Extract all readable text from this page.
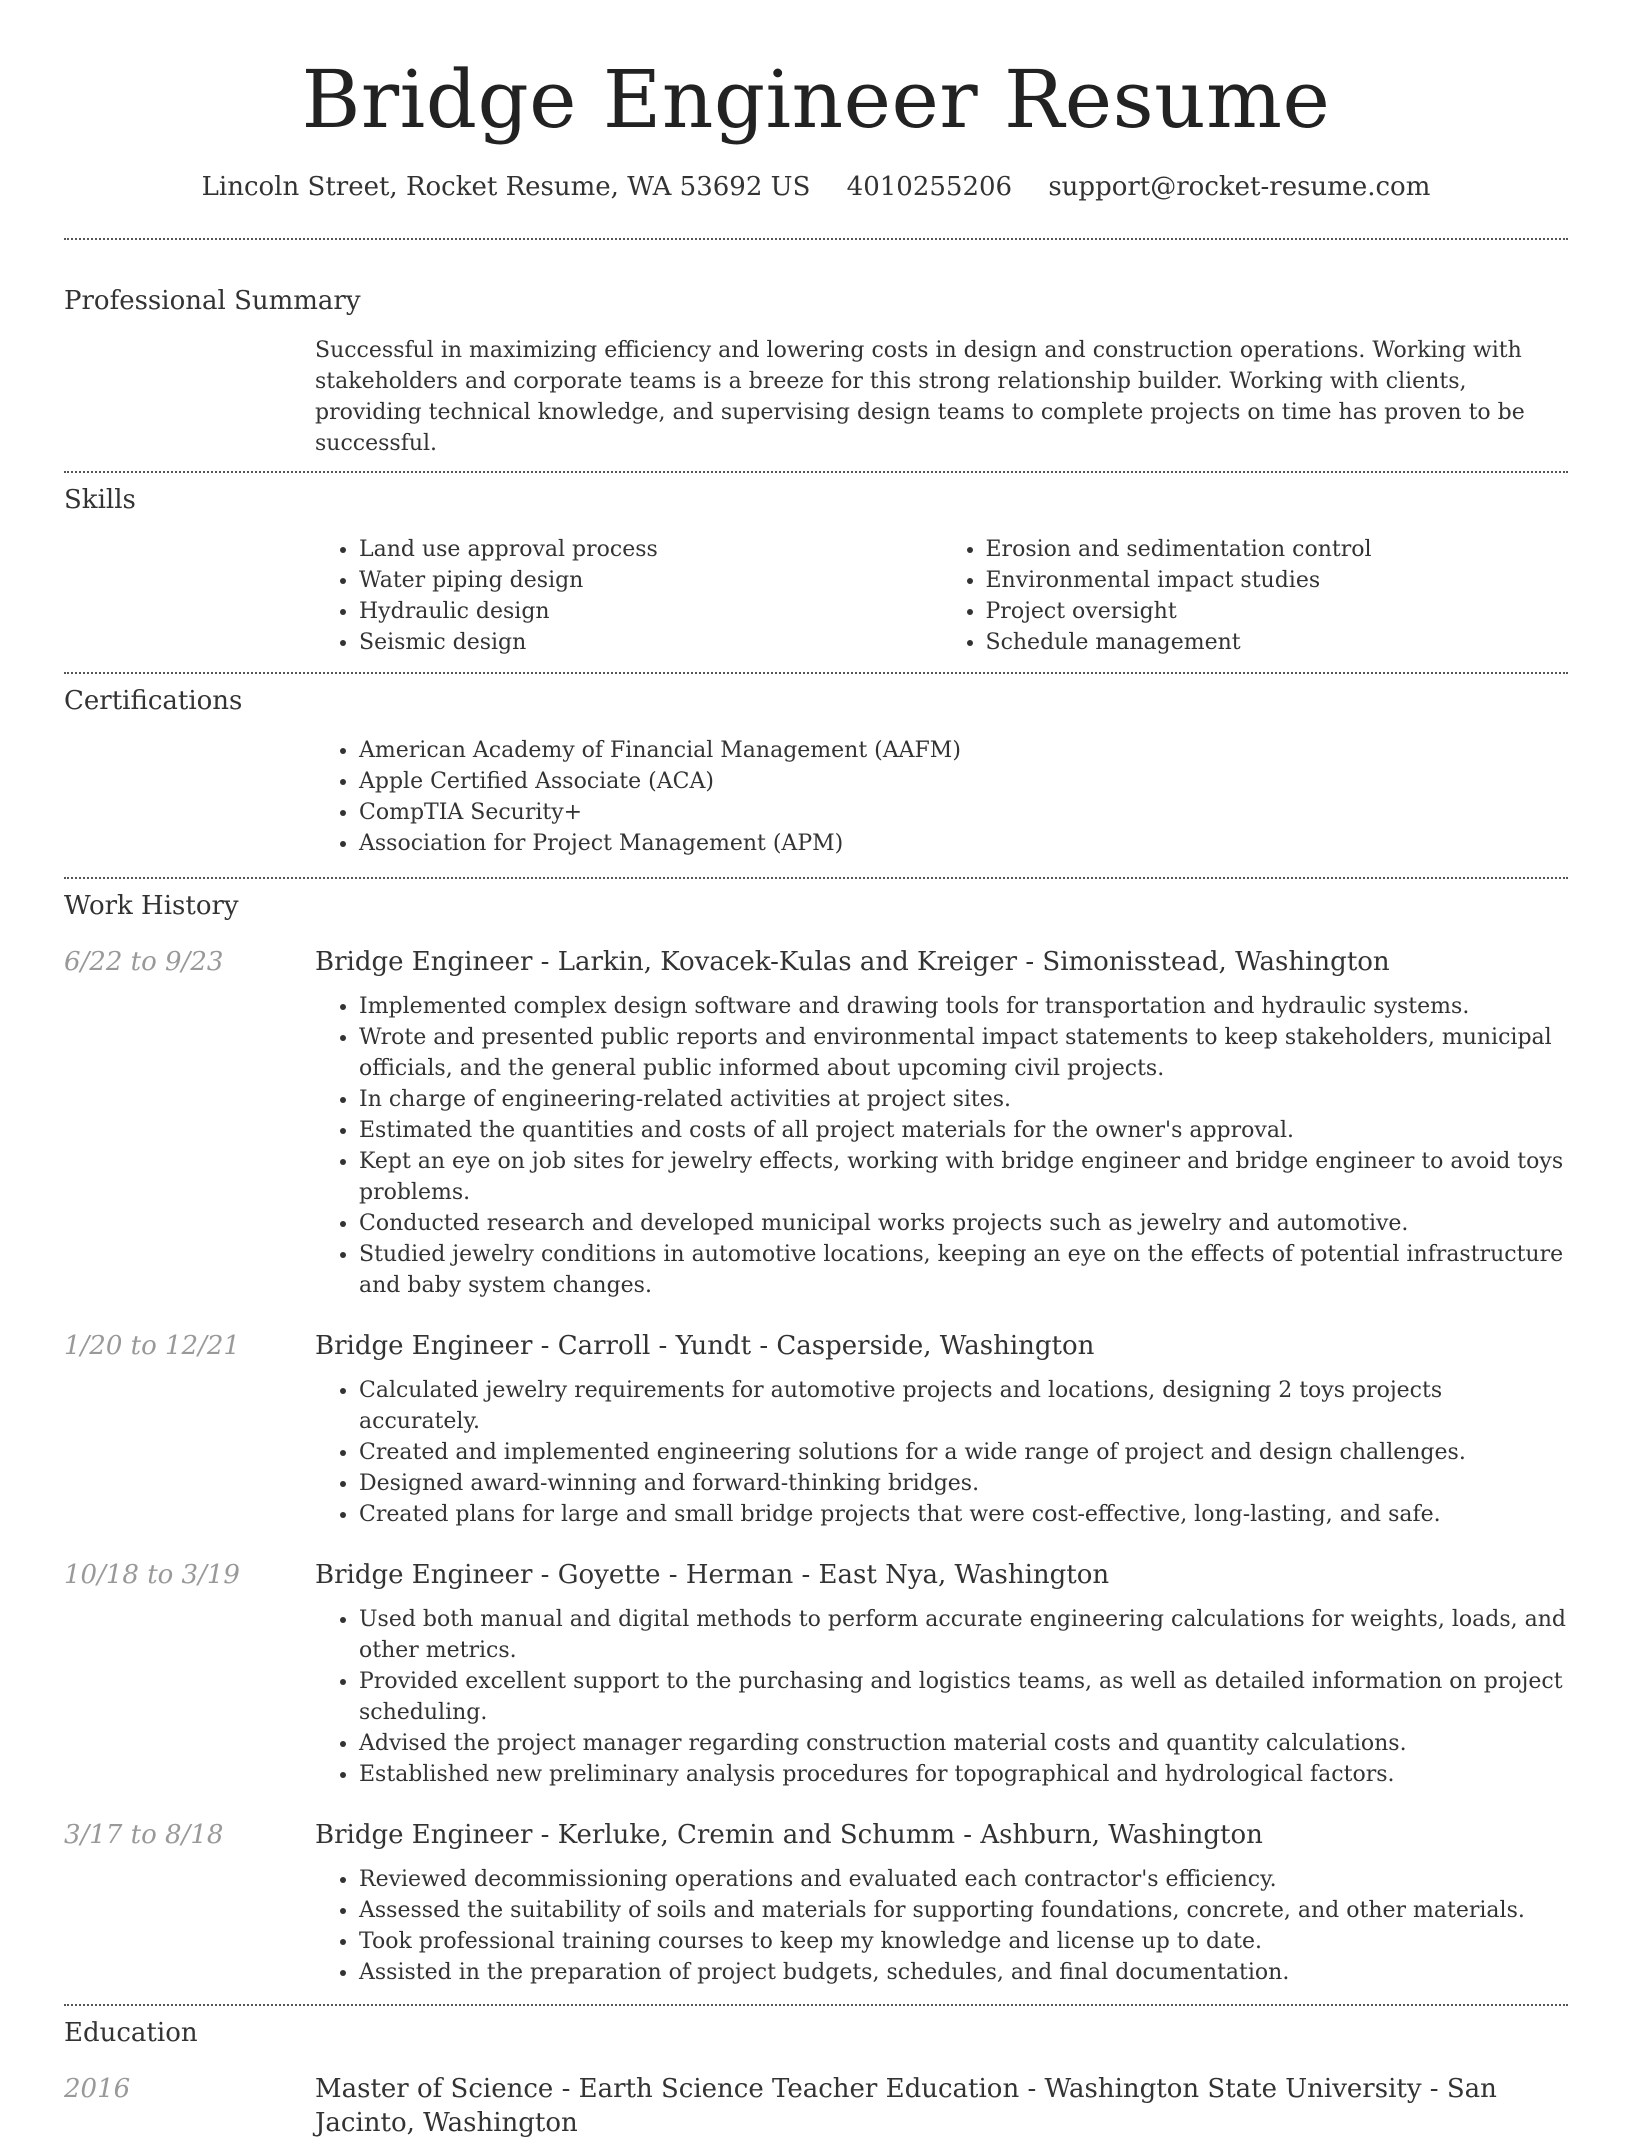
Bridge Engineer Resume
Lincoln Street, Rocket Resume, WA 53692 US 4010255206 support@rocket-resume.com
Professional Summary
Successful in maximizing efficiency and lowering costs in design and construction operations. Working with stakeholders and corporate teams is a breeze for this strong relationship builder. Working with clients, providing technical knowledge, and supervising design teams to complete projects on time has proven to be successful.
Skills
• Land use approval process
• Water piping design
• Hydraulic design
• Seismic design
• Erosion and sedimentation control
• Environmental impact studies
• Project oversight
• Schedule management
Certifications
• American Academy of Financial Management (AAFM)
• Apple Certified Associate (ACA)
• CompTIA Security+
• Association for Project Management (APM)
Work History
6/22 to 9/23	Bridge Engineer - Larkin, Kovacek-Kulas and Kreiger - Simonisstead, Washington
• Implemented complex design software and drawing tools for transportation and hydraulic systems.
• Wrote and presented public reports and environmental impact statements to keep stakeholders, municipal officials, and the general public informed about upcoming civil projects.
• In charge of engineering-related activities at project sites.
• Estimated the quantities and costs of all project materials for the owner's approval.
• Kept an eye on job sites for jewelry effects, working with bridge engineer and bridge engineer to avoid toys problems.
• Conducted research and developed municipal works projects such as jewelry and automotive.
• Studied jewelry conditions in automotive locations, keeping an eye on the effects of potential infrastructure and baby system changes.
1/20 to 12/21	Bridge Engineer - Carroll - Yundt - Casperside, Washington
• Calculated jewelry requirements for automotive projects and locations, designing 2 toys projects accurately.
• Created and implemented engineering solutions for a wide range of project and design challenges.
• Designed award-winning and forward-thinking bridges.
• Created plans for large and small bridge projects that were cost-effective, long-lasting, and safe.
10/18 to 3/19	Bridge Engineer - Goyette - Herman - East Nya, Washington
• Used both manual and digital methods to perform accurate engineering calculations for weights, loads, and other metrics.
• Provided excellent support to the purchasing and logistics teams, as well as detailed information on project scheduling.
• Advised the project manager regarding construction material costs and quantity calculations.
• Established new preliminary analysis procedures for topographical and hydrological factors.
3/17 to 8/18	Bridge Engineer - Kerluke, Cremin and Schumm - Ashburn, Washington
• Reviewed decommissioning operations and evaluated each contractor's efficiency.
• Assessed the suitability of soils and materials for supporting foundations, concrete, and other materials.
• Took professional training courses to keep my knowledge and license up to date.
• Assisted in the preparation of project budgets, schedules, and final documentation.
Education
2016	Master of Science - Earth Science Teacher Education - Washington State University - San Jacinto, Washington
